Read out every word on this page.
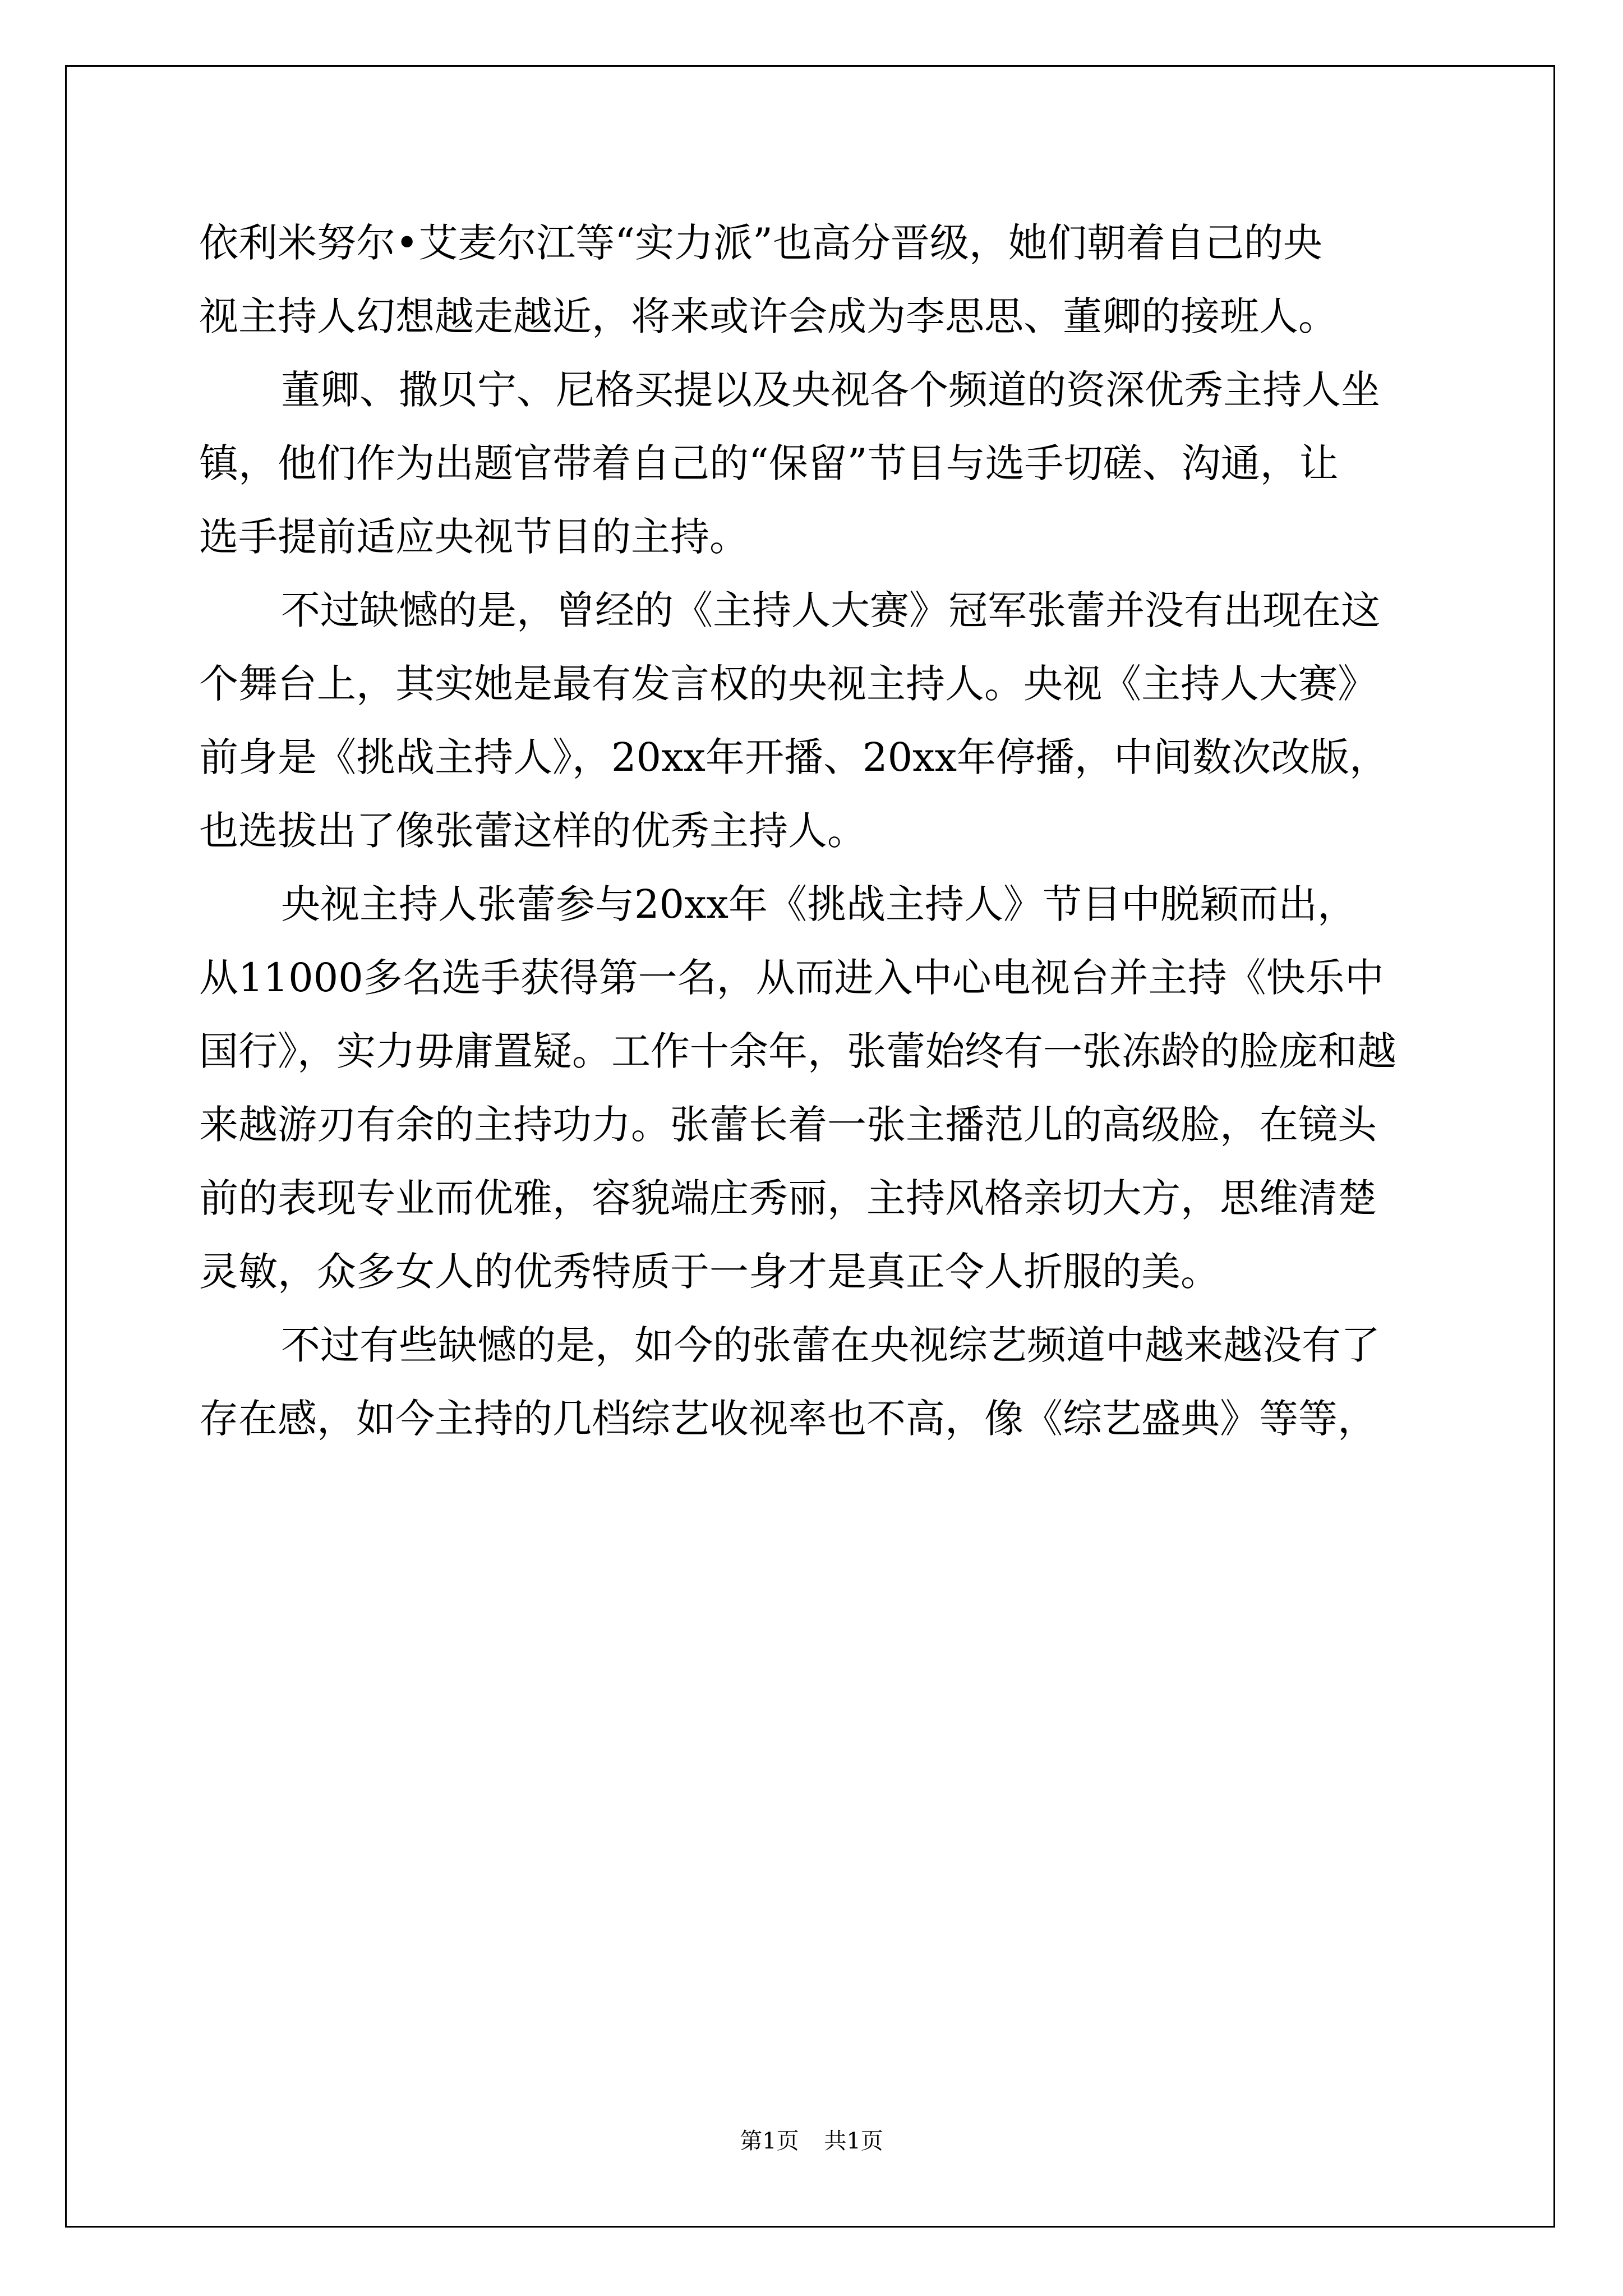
依利米努尔•艾麦尔江等“实力派”也高分晋级，她们朝着自己的央
视主持人幻想越走越近，将来或许会成为李思思、董卿的接班人。
董卿、撒贝宁、尼格买提以及央视各个频道的资深优秀主持人坐
镇，他们作为出题官带着自己的“保留”节目与选手切磋、沟通，让
选手提前适应央视节目的主持。
不过缺憾的是，曾经的《主持人大赛》冠军张蕾并没有出现在这
个舞台上，其实她是最有发言权的央视主持人。央视《主持人大赛》
前身是《挑战主持人》，20xx年开播、20xx年停播，中间数次改版，
也选拔出了像张蕾这样的优秀主持人。
央视主持人张蕾参与20xx年《挑战主持人》节目中脱颖而出，
从11000多名选手获得第一名，从而进入中心电视台并主持《快乐中
国行》，实力毋庸置疑。工作十余年，张蕾始终有一张冻龄的脸庞和越
来越游刃有余的主持功力。张蕾长着一张主播范儿的高级脸，在镜头
前的表现专业而优雅，容貌端庄秀丽，主持风格亲切大方，思维清楚
灵敏，众多女人的优秀特质于一身才是真正令人折服的美。
不过有些缺憾的是，如今的张蕾在央视综艺频道中越来越没有了
存在感，如今主持的几档综艺收视率也不高，像《综艺盛典》等等，
第1页 共1页
